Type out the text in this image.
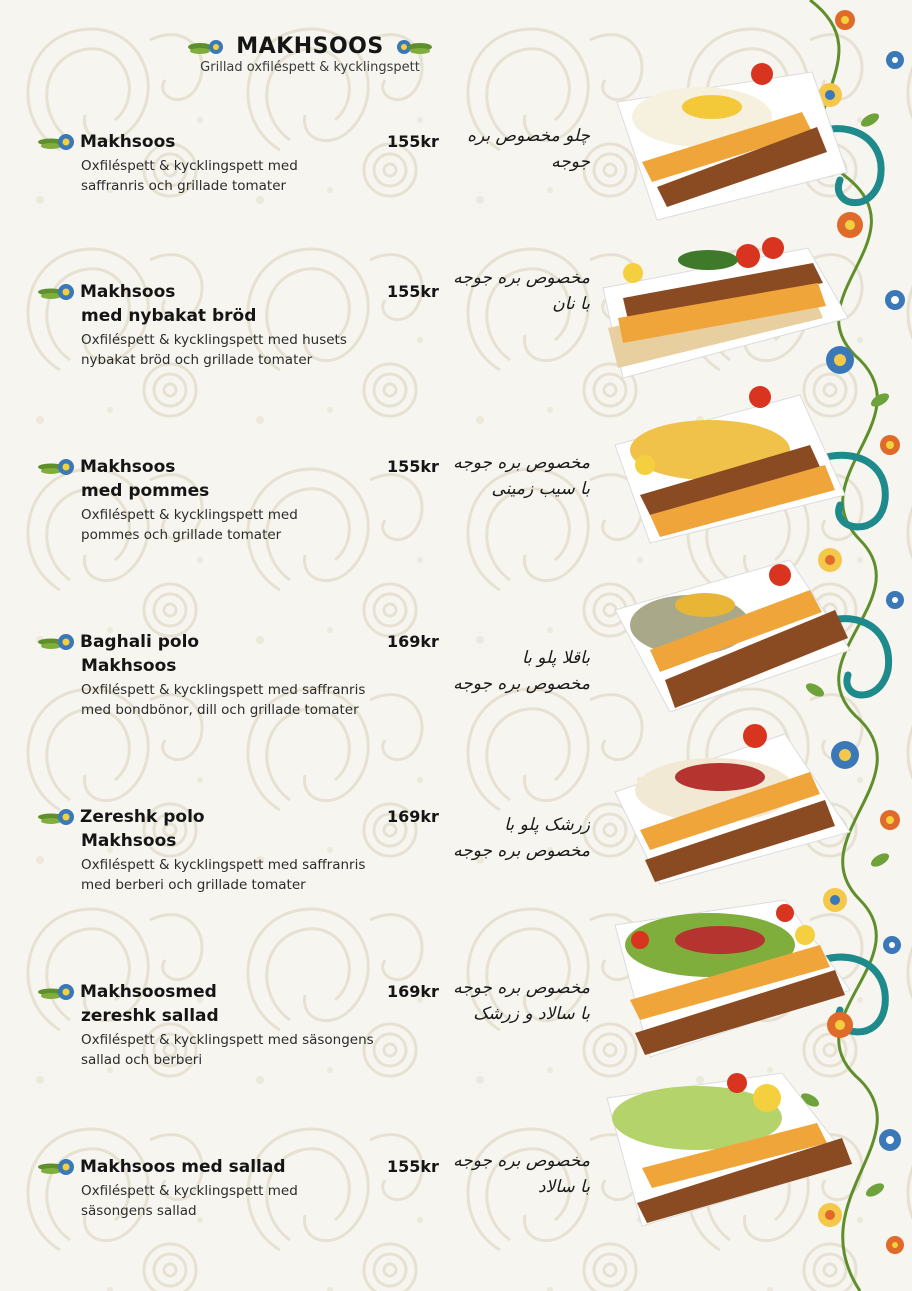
MAKHSOOS
Grillad oxfiléspett & kycklingspett
Makhsoos
Oxfiléspett & kycklingspett med
saffranris och grillade tomater
155kr	چلو مخصوص بره جوجه
Makhsoos
med nybakat bröd
Oxfiléspett & kycklingspett med husets
nybakat bröd och grillade tomater
155kr
مخصوص بره جوجه
با نان
Makhsoos
med pommes
Oxfiléspett & kycklingspett med
pommes och grillade tomater
155kr مخصوص بره جوجه
با سیب زمینی
Baghali polo
Makhsoos
Oxfiléspett & kycklingspett med saffranris
med bondbönor, dill och grillade tomater
169kr
باقلا پلو با
مخصوص بره جوجه
Zereshk polo
Makhsoos
Oxfiléspett & kycklingspett med saffranris
med berberi och grillade tomater
169kr	زرشک پلو با
مخصوص بره جوجه
Makhsoosmed
zereshk sallad
Oxfiléspett & kycklingspett med säsongens
sallad och berberi
169kr مخصوص بره جوجه
با سالاد و زرشک
Makhsoos med sallad
Oxfiléspett & kycklingspett med
säsongens sallad
155kr مخصوص بره جوجه
با سالاد
